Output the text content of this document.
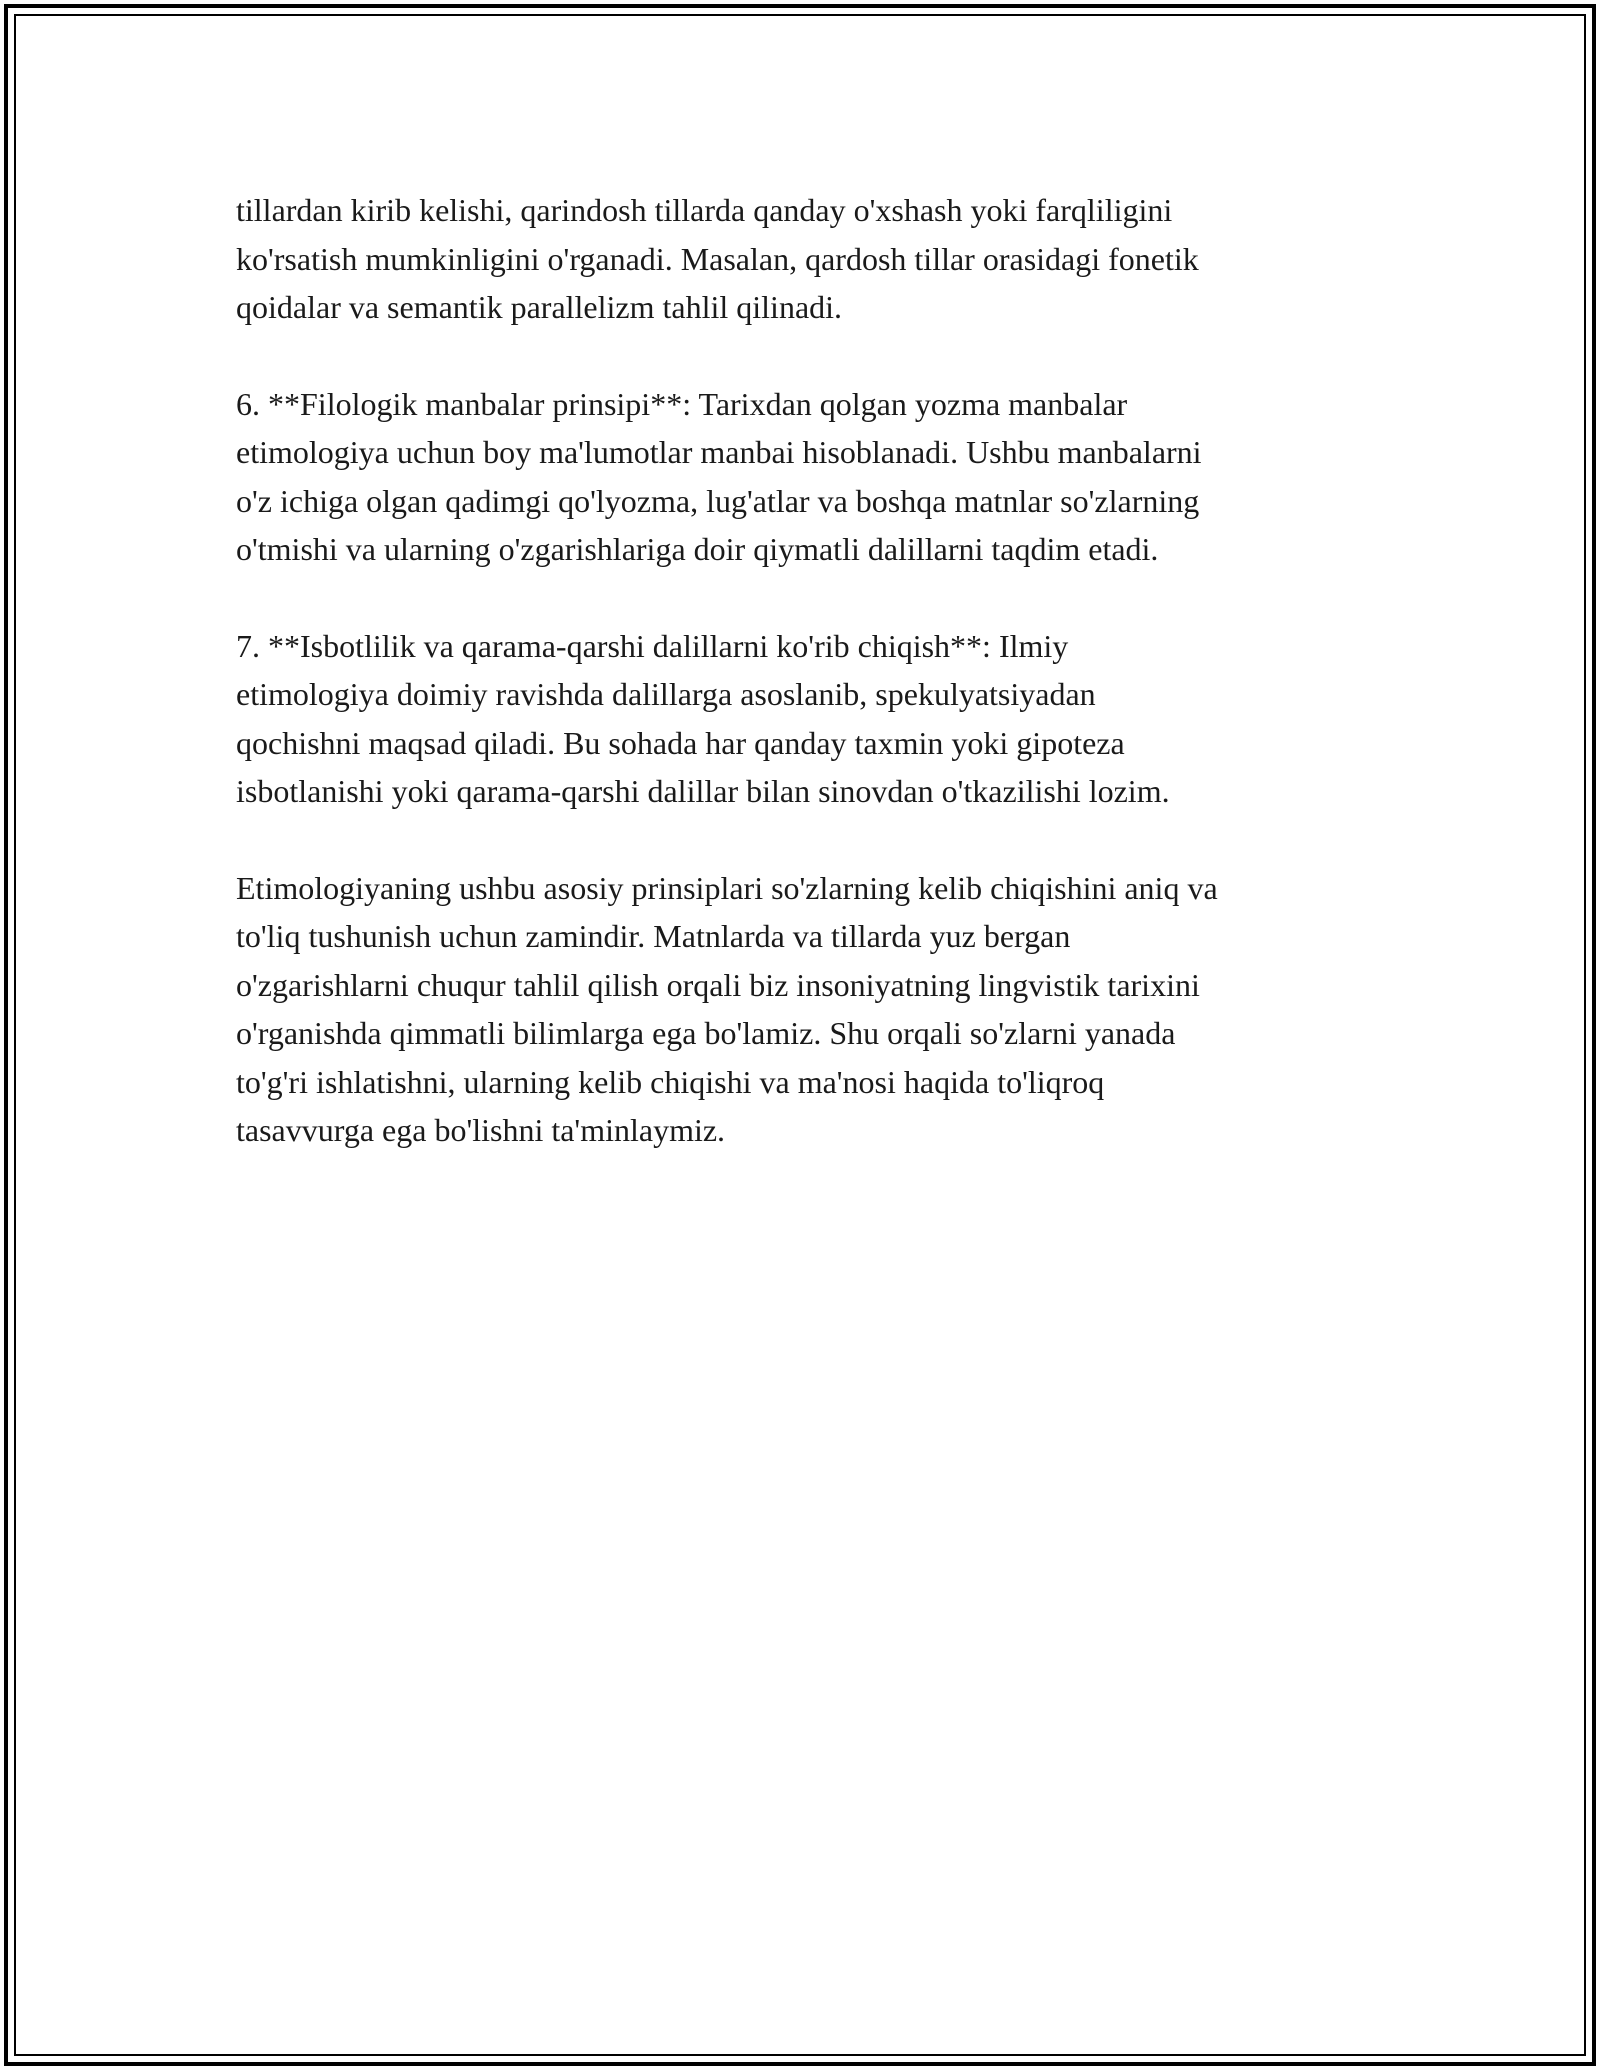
tillardan kirib kelishi, qarindosh tillarda qanday o'xshash yoki farqliligini
ko'rsatish mumkinligini o'rganadi. Masalan, qardosh tillar orasidagi fonetik
qoidalar va semantik parallelizm tahlil qilinadi.

6. **Filologik manbalar prinsipi**: Tarixdan qolgan yozma manbalar
etimologiya uchun boy ma'lumotlar manbai hisoblanadi. Ushbu manbalarni
o'z ichiga olgan qadimgi qo'lyozma, lug'atlar va boshqa matnlar so'zlarning
o'tmishi va ularning o'zgarishlariga doir qiymatli dalillarni taqdim etadi.

7. **Isbotlilik va qarama-qarshi dalillarni ko'rib chiqish**: Ilmiy
etimologiya doimiy ravishda dalillarga asoslanib, spekulyatsiyadan
qochishni maqsad qiladi. Bu sohada har qanday taxmin yoki gipoteza
isbotlanishi yoki qarama-qarshi dalillar bilan sinovdan o'tkazilishi lozim.

Etimologiyaning ushbu asosiy prinsiplari so'zlarning kelib chiqishini aniq va
to'liq tushunish uchun zamindir. Matnlarda va tillarda yuz bergan
o'zgarishlarni chuqur tahlil qilish orqali biz insoniyatning lingvistik tarixini
o'rganishda qimmatli bilimlarga ega bo'lamiz. Shu orqali so'zlarni yanada
to'g'ri ishlatishni, ularning kelib chiqishi va ma'nosi haqida to'liqroq
tasavvurga ega bo'lishni ta'minlaymiz.
